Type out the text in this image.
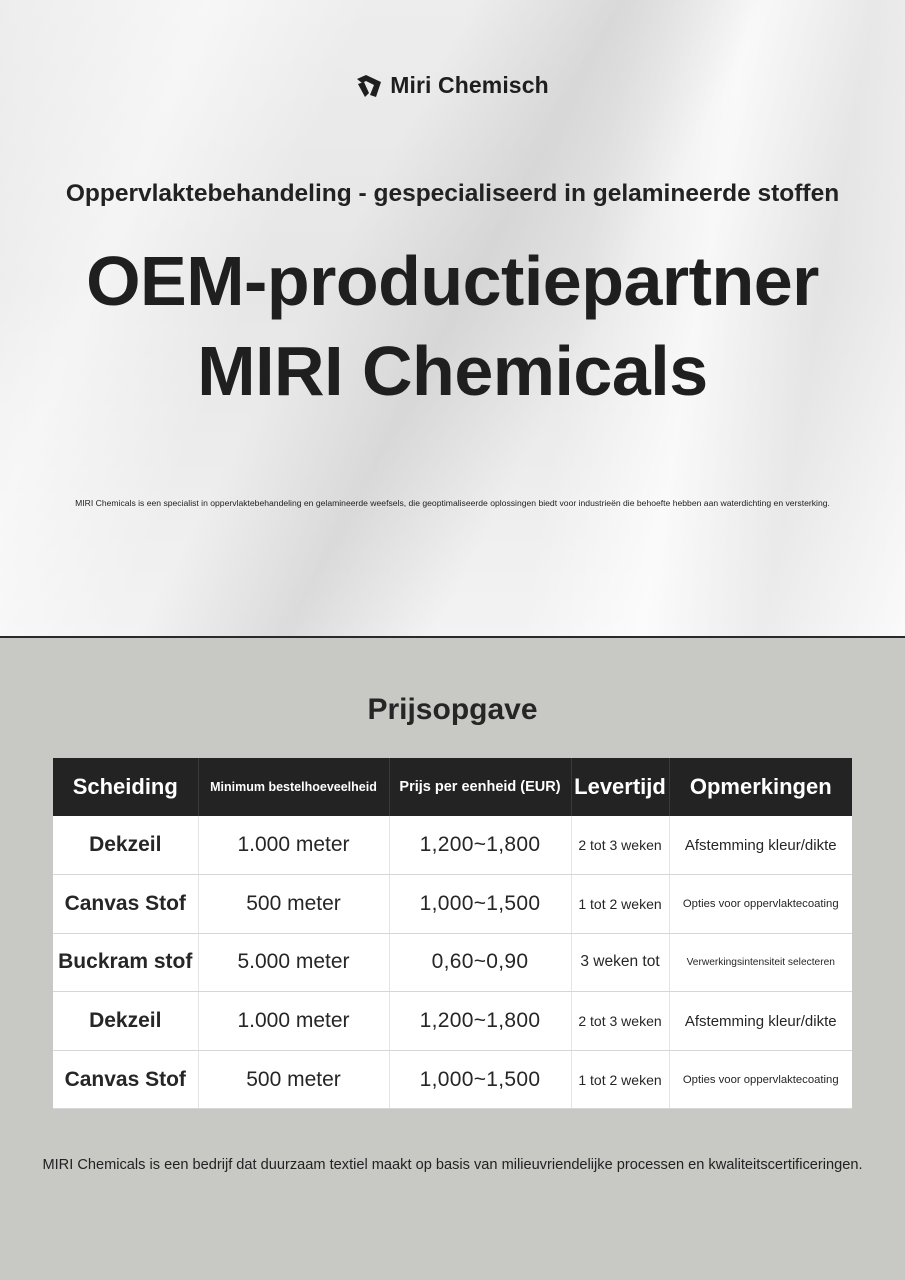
Miri Chemisch
Oppervlaktebehandeling - gespecialiseerd in gelamineerde stoffen
OEM-productiepartner
MIRI Chemicals
MIRI Chemicals is een specialist in oppervlaktebehandeling en gelamineerde weefsels, die geoptimaliseerde oplossingen biedt voor industrieën die behoefte hebben aan waterdichting en versterking.
Prijsopgave
Scheiding	Minimum bestelhoeveelheid	Prijs per eenheid (EUR)	Levertijd	Opmerkingen
Dekzeil	1.000 meter	1,200~1,800	2 tot 3 weken	Afstemming kleur/dikte
Canvas Stof	500 meter	1,000~1,500	1 tot 2 weken	Opties voor oppervlaktecoating
Buckram stof	5.000 meter	0,60~0,90	3 weken tot	Verwerkingsintensiteit selecteren
Dekzeil	1.000 meter	1,200~1,800	2 tot 3 weken	Afstemming kleur/dikte
Canvas Stof	500 meter	1,000~1,500	1 tot 2 weken	Opties voor oppervlaktecoating
MIRI Chemicals is een bedrijf dat duurzaam textiel maakt op basis van milieuvriendelijke processen en kwaliteitscertificeringen.
